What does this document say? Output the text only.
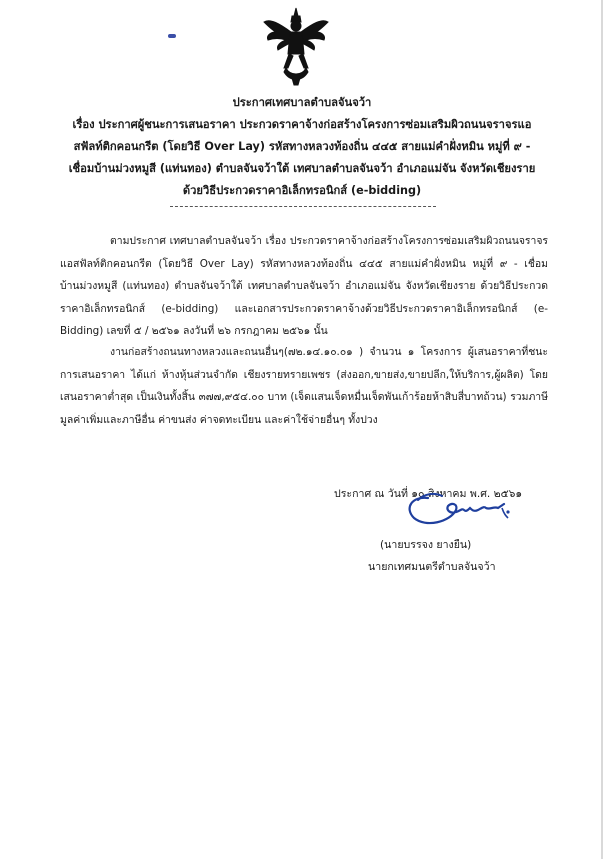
ประกาศเทศบาลตำบลจันจว้า
เรื่อง ประกาศผู้ชนะการเสนอราคา ประกวดราคาจ้างก่อสร้างโครงการซ่อมเสริมผิวถนนจราจรแอสฟัลท์ติกคอนกรีต (โดยวิธี Over Lay) รหัสทางหลวงท้องถิ่น ๔๔๕ สายแม่คำฝั่งหมิน หมู่ที่ ๙ - เชื่อมบ้านม่วงหมูสี (แท่นทอง) ตำบลจันจว้าใต้ เทศบาลตำบลจันจว้า อำเภอแม่จัน จังหวัดเชียงราย ด้วยวิธีประกวดราคาอิเล็กทรอนิกส์ (e-bidding)
ตามประกาศ เทศบาลตำบลจันจว้า เรื่อง ประกวดราคาจ้างก่อสร้างโครงการซ่อมเสริมผิวถนนจราจรแอสฟัลท์ติกคอนกรีต (โดยวิธี Over Lay) รหัสทางหลวงท้องถิ่น ๔๔๕ สายแม่คำฝั่งหมิน หมู่ที่ ๙ - เชื่อมบ้านม่วงหมูสี (แท่นทอง) ตำบลจันจว้าใต้ เทศบาลตำบลจันจว้า อำเภอแม่จัน จังหวัดเชียงราย ด้วยวิธีประกวดราคาอิเล็กทรอนิกส์ (e-bidding) และเอกสารประกวดราคาจ้างด้วยวิธีประกวดราคาอิเล็กทรอนิกส์ (e-Bidding) เลขที่ ๕ / ๒๕๖๑ ลงวันที่ ๒๖ กรกฎาคม ๒๕๖๑ นั้น
งานก่อสร้างถนนทางหลวงและถนนอื่นๆ(๗๒.๑๔.๑๐.๐๑ ) จำนวน ๑ โครงการ ผู้เสนอราคาที่ชนะการเสนอราคา ได้แก่ ห้างหุ้นส่วนจำกัด เชียงรายทรายเพชร (ส่งออก,ขายส่ง,ขายปลีก,ให้บริการ,ผู้ผลิต) โดยเสนอราคาต่ำสุด เป็นเงินทั้งสิ้น ๓๗๗,๙๕๔.๐๐ บาท (เจ็ดแสนเจ็ดหมื่นเจ็ดพันเก้าร้อยห้าสิบสี่บาทถ้วน) รวมภาษีมูลค่าเพิ่มและภาษีอื่น ค่าขนส่ง ค่าจดทะเบียน และค่าใช้จ่ายอื่นๆ ทั้งปวง
ประกาศ ณ วันที่ ๑๐ สิงหาคม พ.ศ. ๒๕๖๑
(นายบรรจง ยางยืน)
นายกเทศมนตรีตำบลจันจว้า
